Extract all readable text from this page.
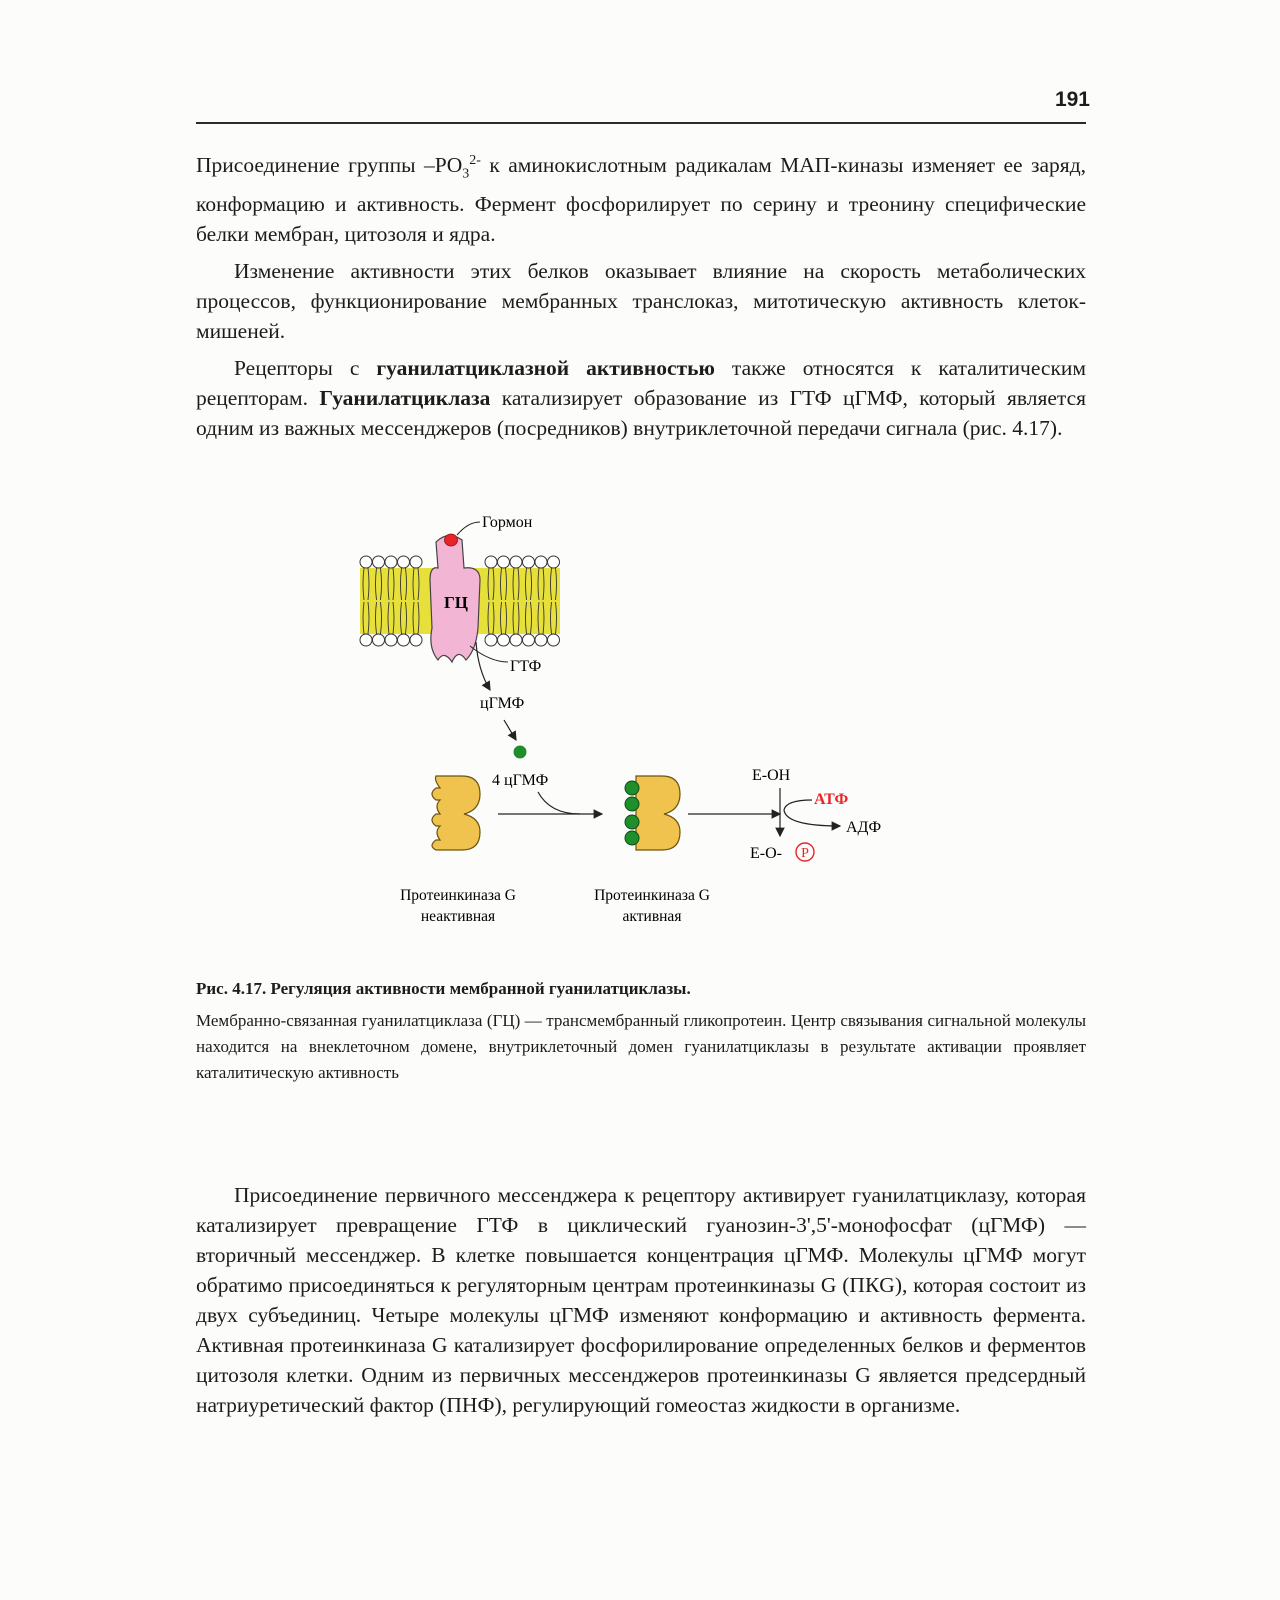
191

Присоединение группы $-PO_3^{2-}$ к аминокислотным радикалам МАП-киназы изменяет ее заряд, конформацию и активность. Фермент фосфорилирует по серину и треонину специфические белки мембран, цитозоля и ядра.

Изменение активности этих белков оказывает влияние на скорость метаболических процессов, функционирование мембранных транслоказ, митотическую активность клеток-мишеней.

Рецепторы с гуанилатциклазной активностью также относятся к каталитическим рецепторам. Гуанилатциклаза катализирует образование из ГТФ цГМФ, который является одним из важных мессенджеров (посредников) внутриклеточной передачи сигнала (рис. 4.17).

ГЦ
Гормон
ГТФ
цГМФ
4 цГМФ	E-OH
АТФ
АДФ
E-O- P
Протеинкиназа G
неактивная
Протеинкиназа G
активная

Рис. 4.17. Регуляция активности мембранной гуанилатциклазы.

Мембранно-связанная гуанилатциклаза (ГЦ) — трансмембранный гликопротеин. Центр связывания сигнальной молекулы находится на внеклеточном домене, внутриклеточный домен гуанилатциклазы в результате активации проявляет каталитическую активность

Присоединение первичного мессенджера к рецептору активирует гуанилатциклазу, которая катализирует превращение ГТФ в циклический гуанозин-3',5'-монофосфат (цГМФ) — вторичный мессенджер. В клетке повышается концентрация цГМФ. Молекулы цГМФ могут обратимо присоединяться к регуляторным центрам протеинкиназы G (ПКG), которая состоит из двух субъединиц. Четыре молекулы цГМФ изменяют конформацию и активность фермента. Активная протеинкиназа G катализирует фосфорилирование определенных белков и ферментов цитозоля клетки. Одним из первичных мессенджеров протеинкиназы G является предсердный натриуретический фактор (ПНФ), регулирующий гомеостаз жидкости в организме.
